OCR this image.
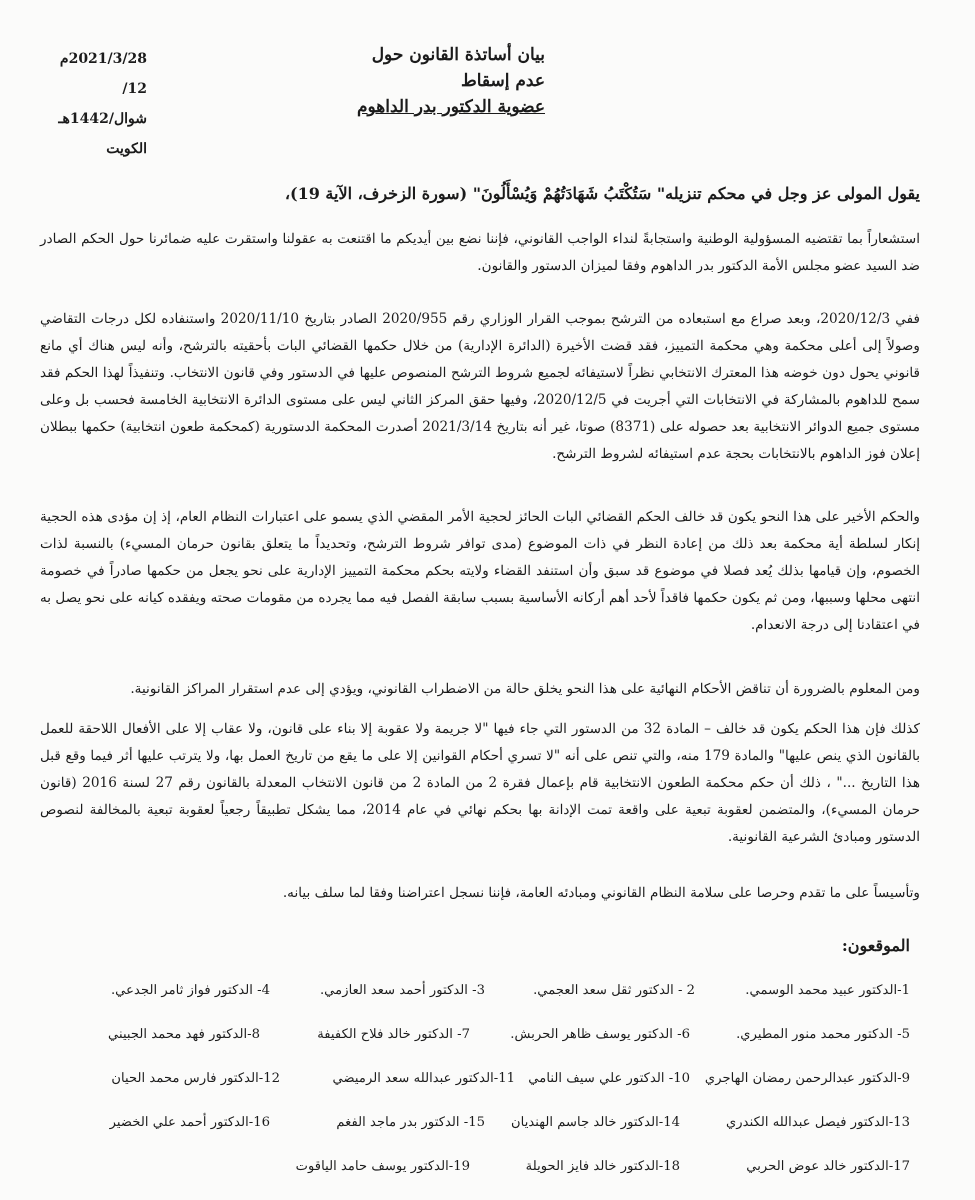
بيان أساتذة القانون حول
عدم إسقاط
عضوية الدكتور بدر الداهوم
2021/3/28م
12/شوال/1442هـ
الكويت
يقول المولى عز وجل في محكم تنزيله" سَتُكْتَبُ شَهَادَتُهُمْ وَيُسْأَلُونَ" (سورة الزخرف، الآية 19)،

استشعاراً بما تقتضيه المسؤولية الوطنية واستجابةً لنداء الواجب القانوني، فإننا نضع بين أيديكم ما اقتنعت به عقولنا واستقرت عليه ضمائرنا حول الحكم الصادر ضد السيد عضو مجلس الأمة الدكتور بدر الداهوم وفقا لميزان الدستور والقانون.

ففي 2020/12/3، وبعد صراع مع استبعاده من الترشح بموجب القرار الوزاري رقم 2020/955 الصادر بتاريخ 2020/11/10 واستنفاده لكل درجات التقاضي وصولاً إلى أعلى محكمة وهي محكمة التمييز، فقد قضت الأخيرة (الدائرة الإدارية) من خلال حكمها القضائي البات بأحقيته بالترشح، وأنه ليس هناك أي مانع قانوني يحول دون خوضه هذا المعترك الانتخابي نظراً لاستيفائه لجميع شروط الترشح المنصوص عليها في الدستور وفي قانون الانتخاب. وتنفيذاً لهذا الحكم فقد سمح للداهوم بالمشاركة في الانتخابات التي أجريت في 2020/12/5، وفيها حقق المركز الثاني ليس على مستوى الدائرة الانتخابية الخامسة فحسب بل وعلى مستوى جميع الدوائر الانتخابية بعد حصوله على (8371) صوتا، غير أنه بتاريخ 2021/3/14 أصدرت المحكمة الدستورية (كمحكمة طعون انتخابية) حكمها ببطلان إعلان فوز الداهوم بالانتخابات بحجة عدم استيفائه لشروط الترشح.

والحكم الأخير على هذا النحو يكون قد خالف الحكم القضائي البات الحائز لحجية الأمر المقضي الذي يسمو على اعتبارات النظام العام، إذ إن مؤدى هذه الحجية إنكار لسلطة أية محكمة بعد ذلك من إعادة النظر في ذات الموضوع (مدى توافر شروط الترشح، وتحديداً ما يتعلق بقانون حرمان المسيء) بالنسبة لذات الخصوم، وإن قيامها بذلك يُعد فصلا في موضوع قد سبق وأن استنفد القضاء ولايته بحكم محكمة التمييز الإدارية على نحو يجعل من حكمها صادراً في خصومة انتهى محلها وسببها، ومن ثم يكون حكمها فاقداً لأحد أهم أركانه الأساسية بسبب سابقة الفصل فيه مما يجرده من مقومات صحته ويفقده كيانه على نحو يصل به في اعتقادنا إلى درجة الانعدام.

ومن المعلوم بالضرورة أن تناقض الأحكام النهائية على هذا النحو يخلق حالة من الاضطراب القانوني، ويؤدي إلى عدم استقرار المراكز القانونية.

كذلك فإن هذا الحكم يكون قد خالف – المادة 32 من الدستور التي جاء فيها "لا جريمة ولا عقوبة إلا بناء على قانون، ولا عقاب إلا على الأفعال اللاحقة للعمل بالقانون الذي ينص عليها" والمادة 179 منه، والتي تنص على أنه "لا تسري أحكام القوانين إلا على ما يقع من تاريخ العمل بها، ولا يترتب عليها أثر فيما وقع قبل هذا التاريخ ..." ، ذلك أن حكم محكمة الطعون الانتخابية قام بإعمال فقرة 2 من المادة 2 من قانون الانتخاب المعدلة بالقانون رقم 27 لسنة 2016 (قانون حرمان المسيء)، والمتضمن لعقوبة تبعية على واقعة تمت الإدانة بها بحكم نهائي في عام 2014، مما يشكل تطبيقاً رجعياً لعقوبة تبعية بالمخالفة لنصوص الدستور ومبادئ الشرعية القانونية.

وتأسيساً على ما تقدم وحرصا على سلامة النظام القانوني ومبادئه العامة، فإننا نسجل اعتراضنا وفقا لما سلف بيانه.

الموقعون:
1-الدكتور عبيد محمد الوسمي.
2 - الدكتور ثقل سعد العجمي.
3- الدكتور أحمد سعد العازمي.
4- الدكتور فواز ثامر الجدعي.
5- الدكتور محمد منور المطيري.
6- الدكتور يوسف ظاهر الحربش.
7- الدكتور خالد فلاح الكفيفة
8-الدكتور فهد محمد الجبيني
9-الدكتور عبدالرحمن رمضان الهاجري
10- الدكتور علي سيف النامي
11-الدكتور عبدالله سعد الرميضي
12-الدكتور فارس محمد الحيان
13-الدكتور فيصل عبدالله الكندري
14-الدكتور خالد جاسم الهنديان
15- الدكتور بدر ماجد الفغم
16-الدكتور أحمد علي الخضير
17-الدكتور خالد عوض الحربي
18-الدكتور خالد فايز الحويلة
19-الدكتور يوسف حامد الياقوت
